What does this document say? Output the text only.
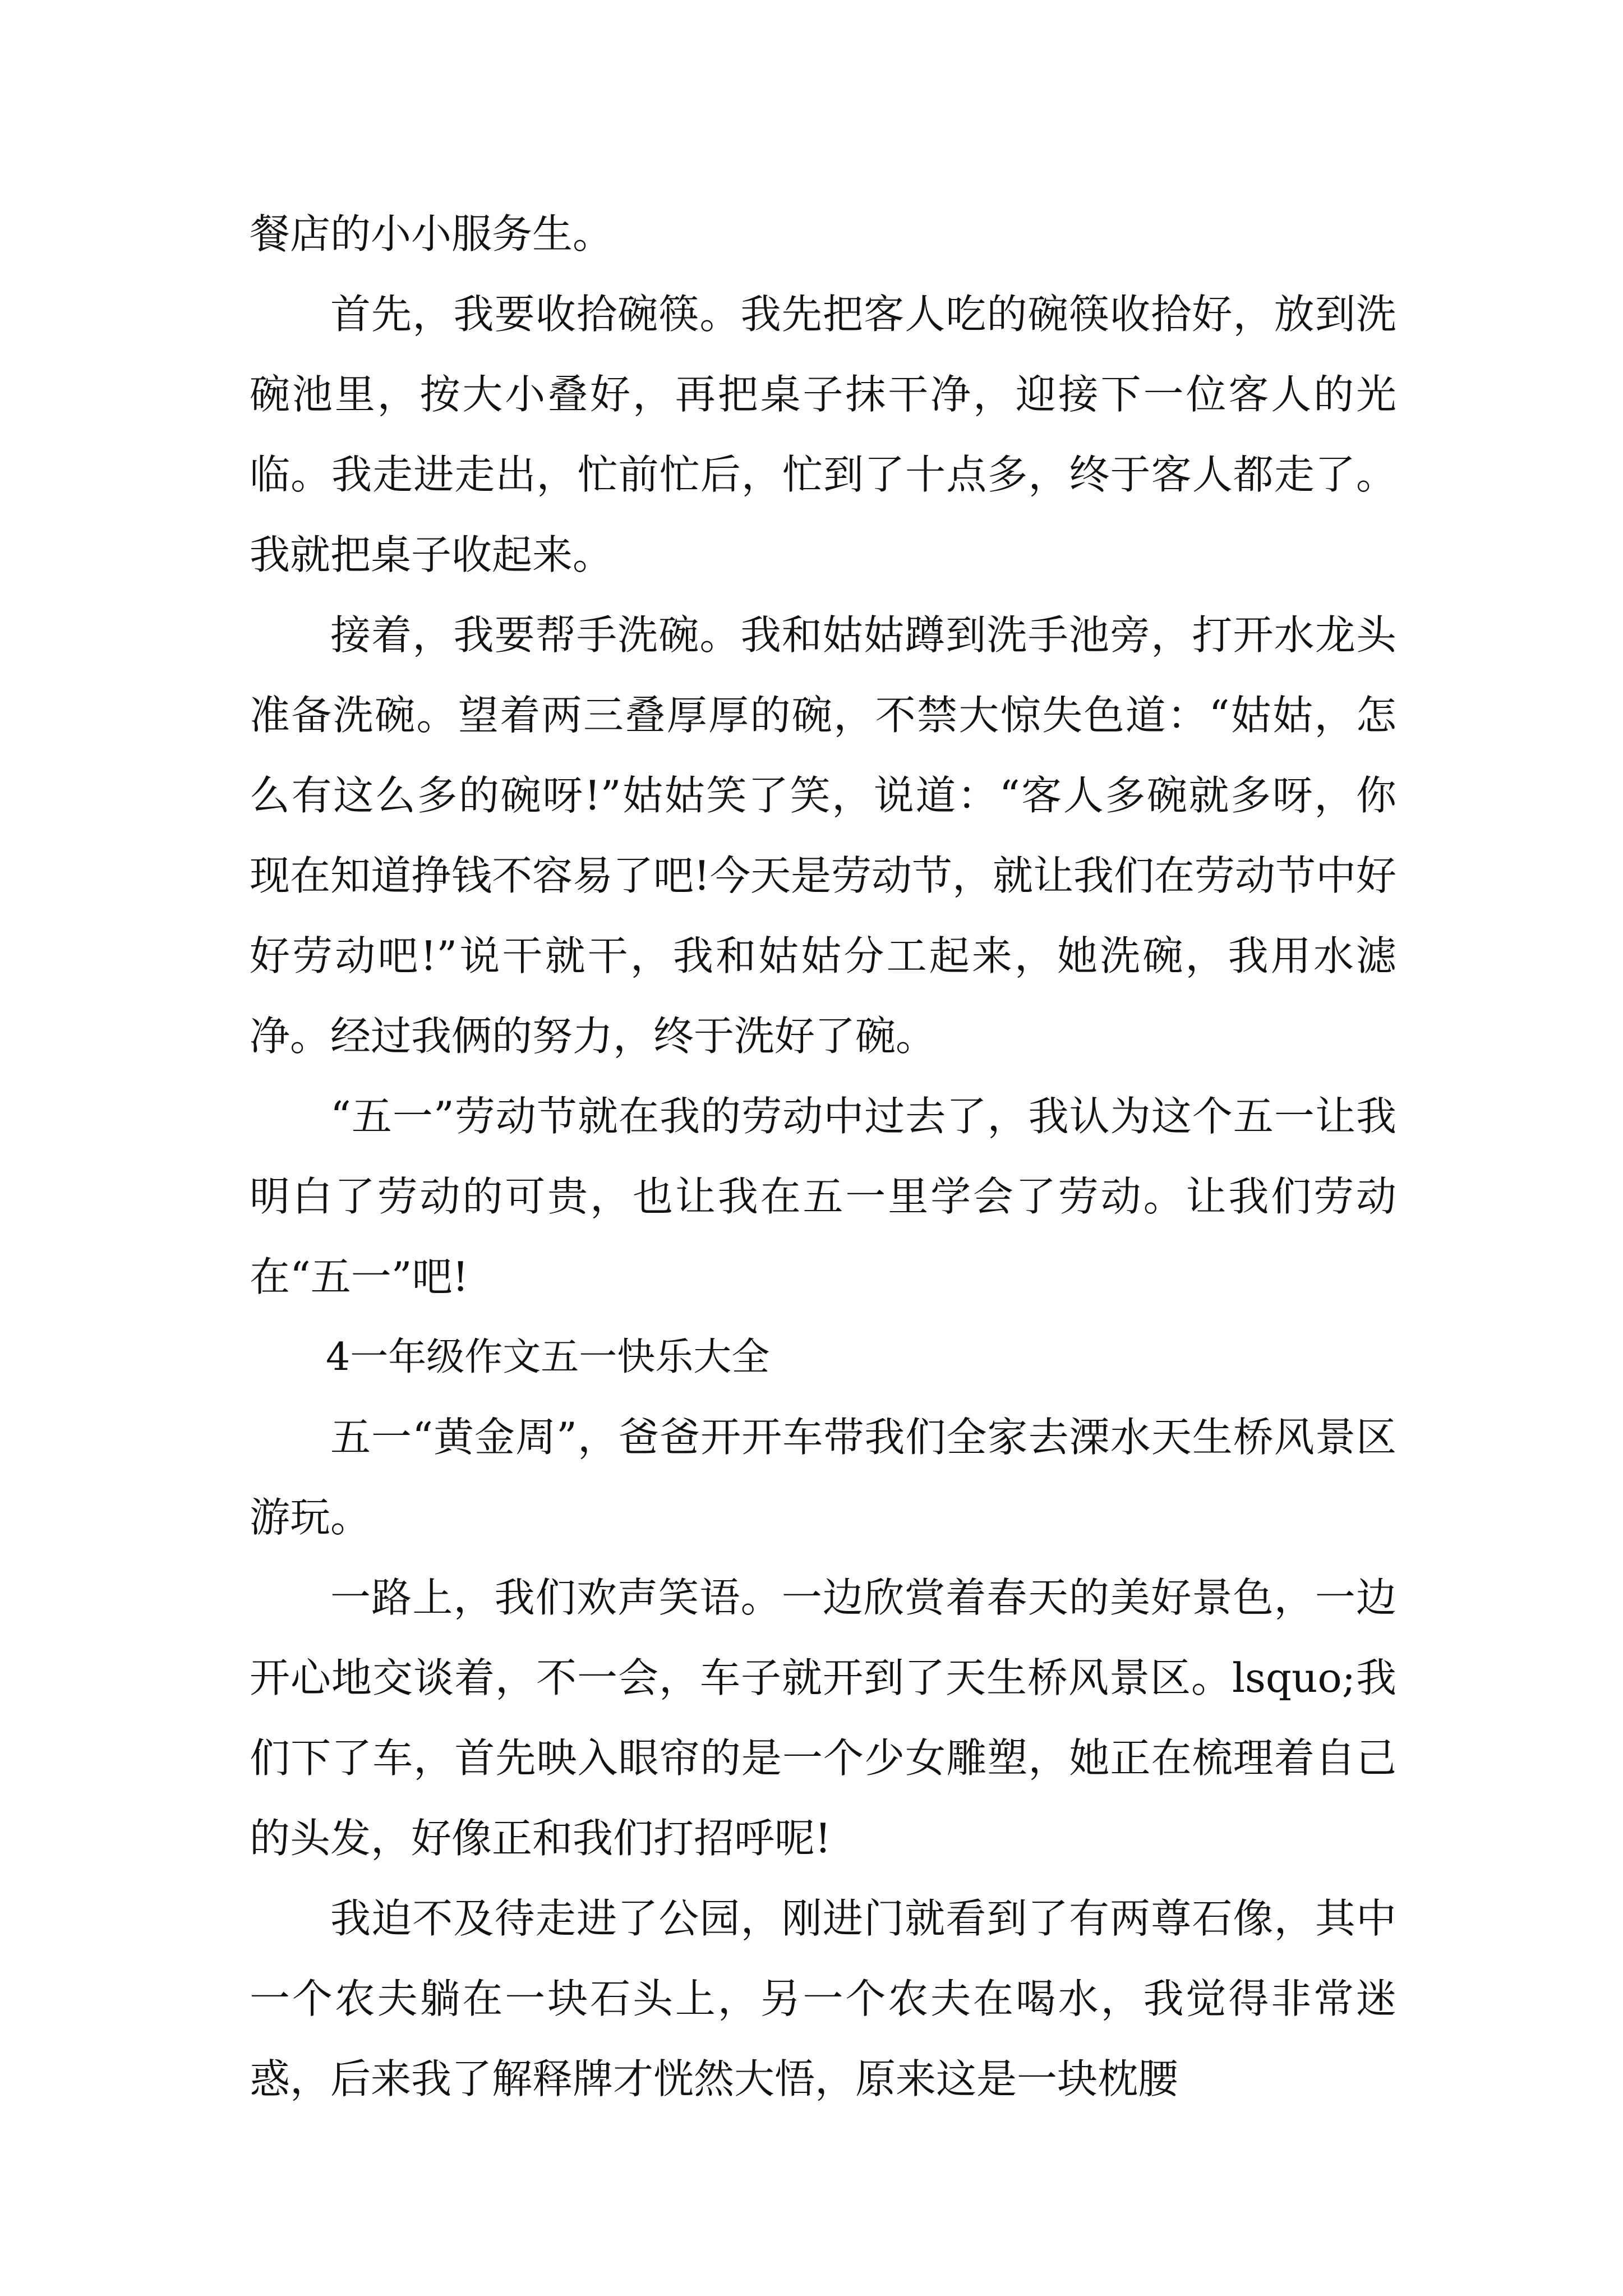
餐店的小小服务生。

首先，我要收拾碗筷。我先把客人吃的碗筷收拾好，放到洗碗池里，按大小叠好，再把桌子抹干净，迎接下一位客人的光临。我走进走出，忙前忙后，忙到了十点多，终于客人都走了。我就把桌子收起来。

接着，我要帮手洗碗。我和姑姑蹲到洗手池旁，打开水龙头准备洗碗。望着两三叠厚厚的碗，不禁大惊失色道：“姑姑，怎么有这么多的碗呀!”姑姑笑了笑，说道：“客人多碗就多呀，你现在知道挣钱不容易了吧!今天是劳动节，就让我们在劳动节中好好劳动吧!”说干就干，我和姑姑分工起来，她洗碗，我用水滤净。经过我俩的努力，终于洗好了碗。

“五一”劳动节就在我的劳动中过去了，我认为这个五一让我明白了劳动的可贵，也让我在五一里学会了劳动。让我们劳动在“五一”吧!

4一年级作文五一快乐大全

五一“黄金周”，爸爸开开车带我们全家去溧水天生桥风景区游玩。

一路上，我们欢声笑语。一边欣赏着春天的美好景色，一边开心地交谈着，不一会，车子就开到了天生桥风景区。lsquo;我们下了车，首先映入眼帘的是一个少女雕塑，她正在梳理着自己的头发，好像正和我们打招呼呢!

我迫不及待走进了公园，刚进门就看到了有两尊石像，其中一个农夫躺在一块石头上，另一个农夫在喝水，我觉得非常迷惑，后来我了解释牌才恍然大悟，原来这是一块枕腰
